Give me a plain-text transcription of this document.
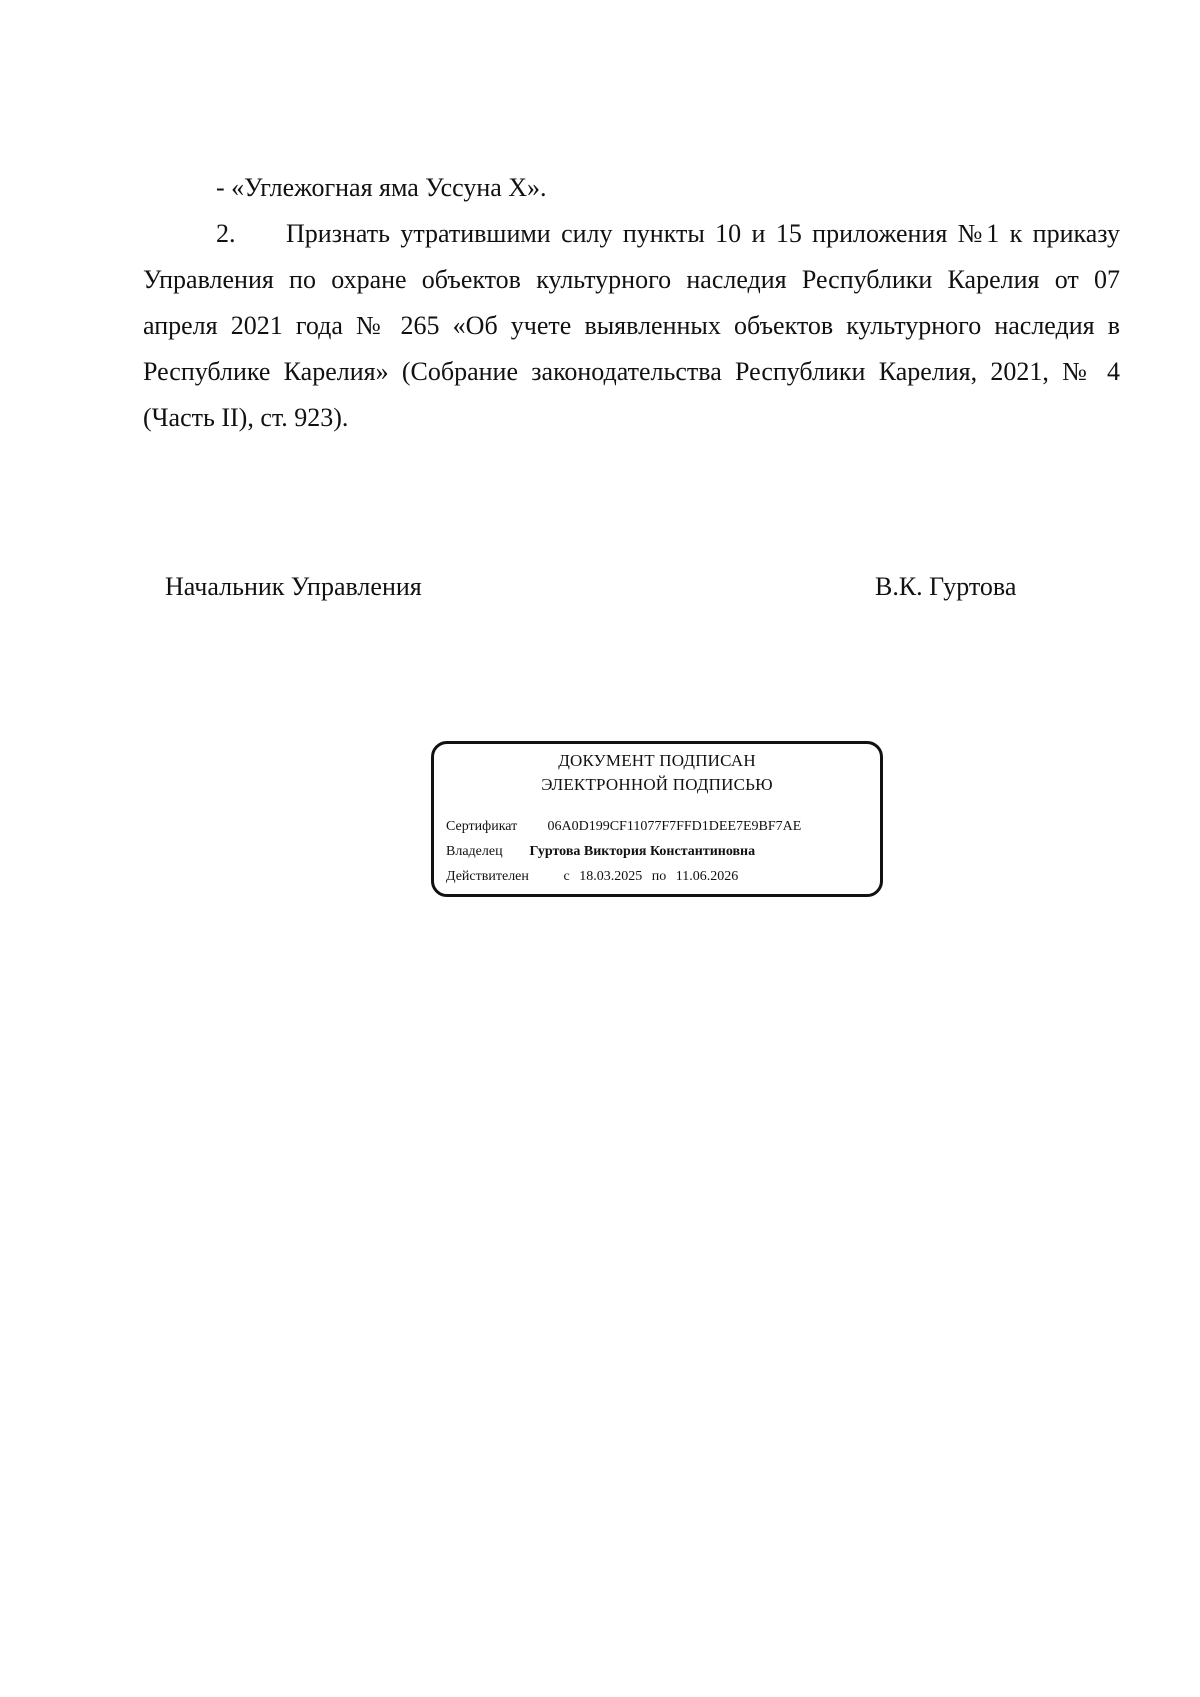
- «Углежогная яма Уссуна X».
2. Признать утратившими силу пункты 10 и 15 приложения №1 к приказу
Управления по охране объектов культурного наследия Республики Карелия от 07
апреля 2021 года № 265 «Об учете выявленных объектов культурного наследия в
Республике Карелия» (Собрание законодательства Республики Карелия, 2021, № 4
(Часть II), ст. 923).
Начальник Управления	В.К. Гуртова
ДОКУМЕНТ ПОДПИСАН
ЭЛЕКТРОННОЙ ПОДПИСЬЮ
Сертификат 06A0D199CF11077F7FFD1DEE7E9BF7AE
Владелец Гуртова Виктория Константиновна
Действителен с 18.03.2025 по 11.06.2026
